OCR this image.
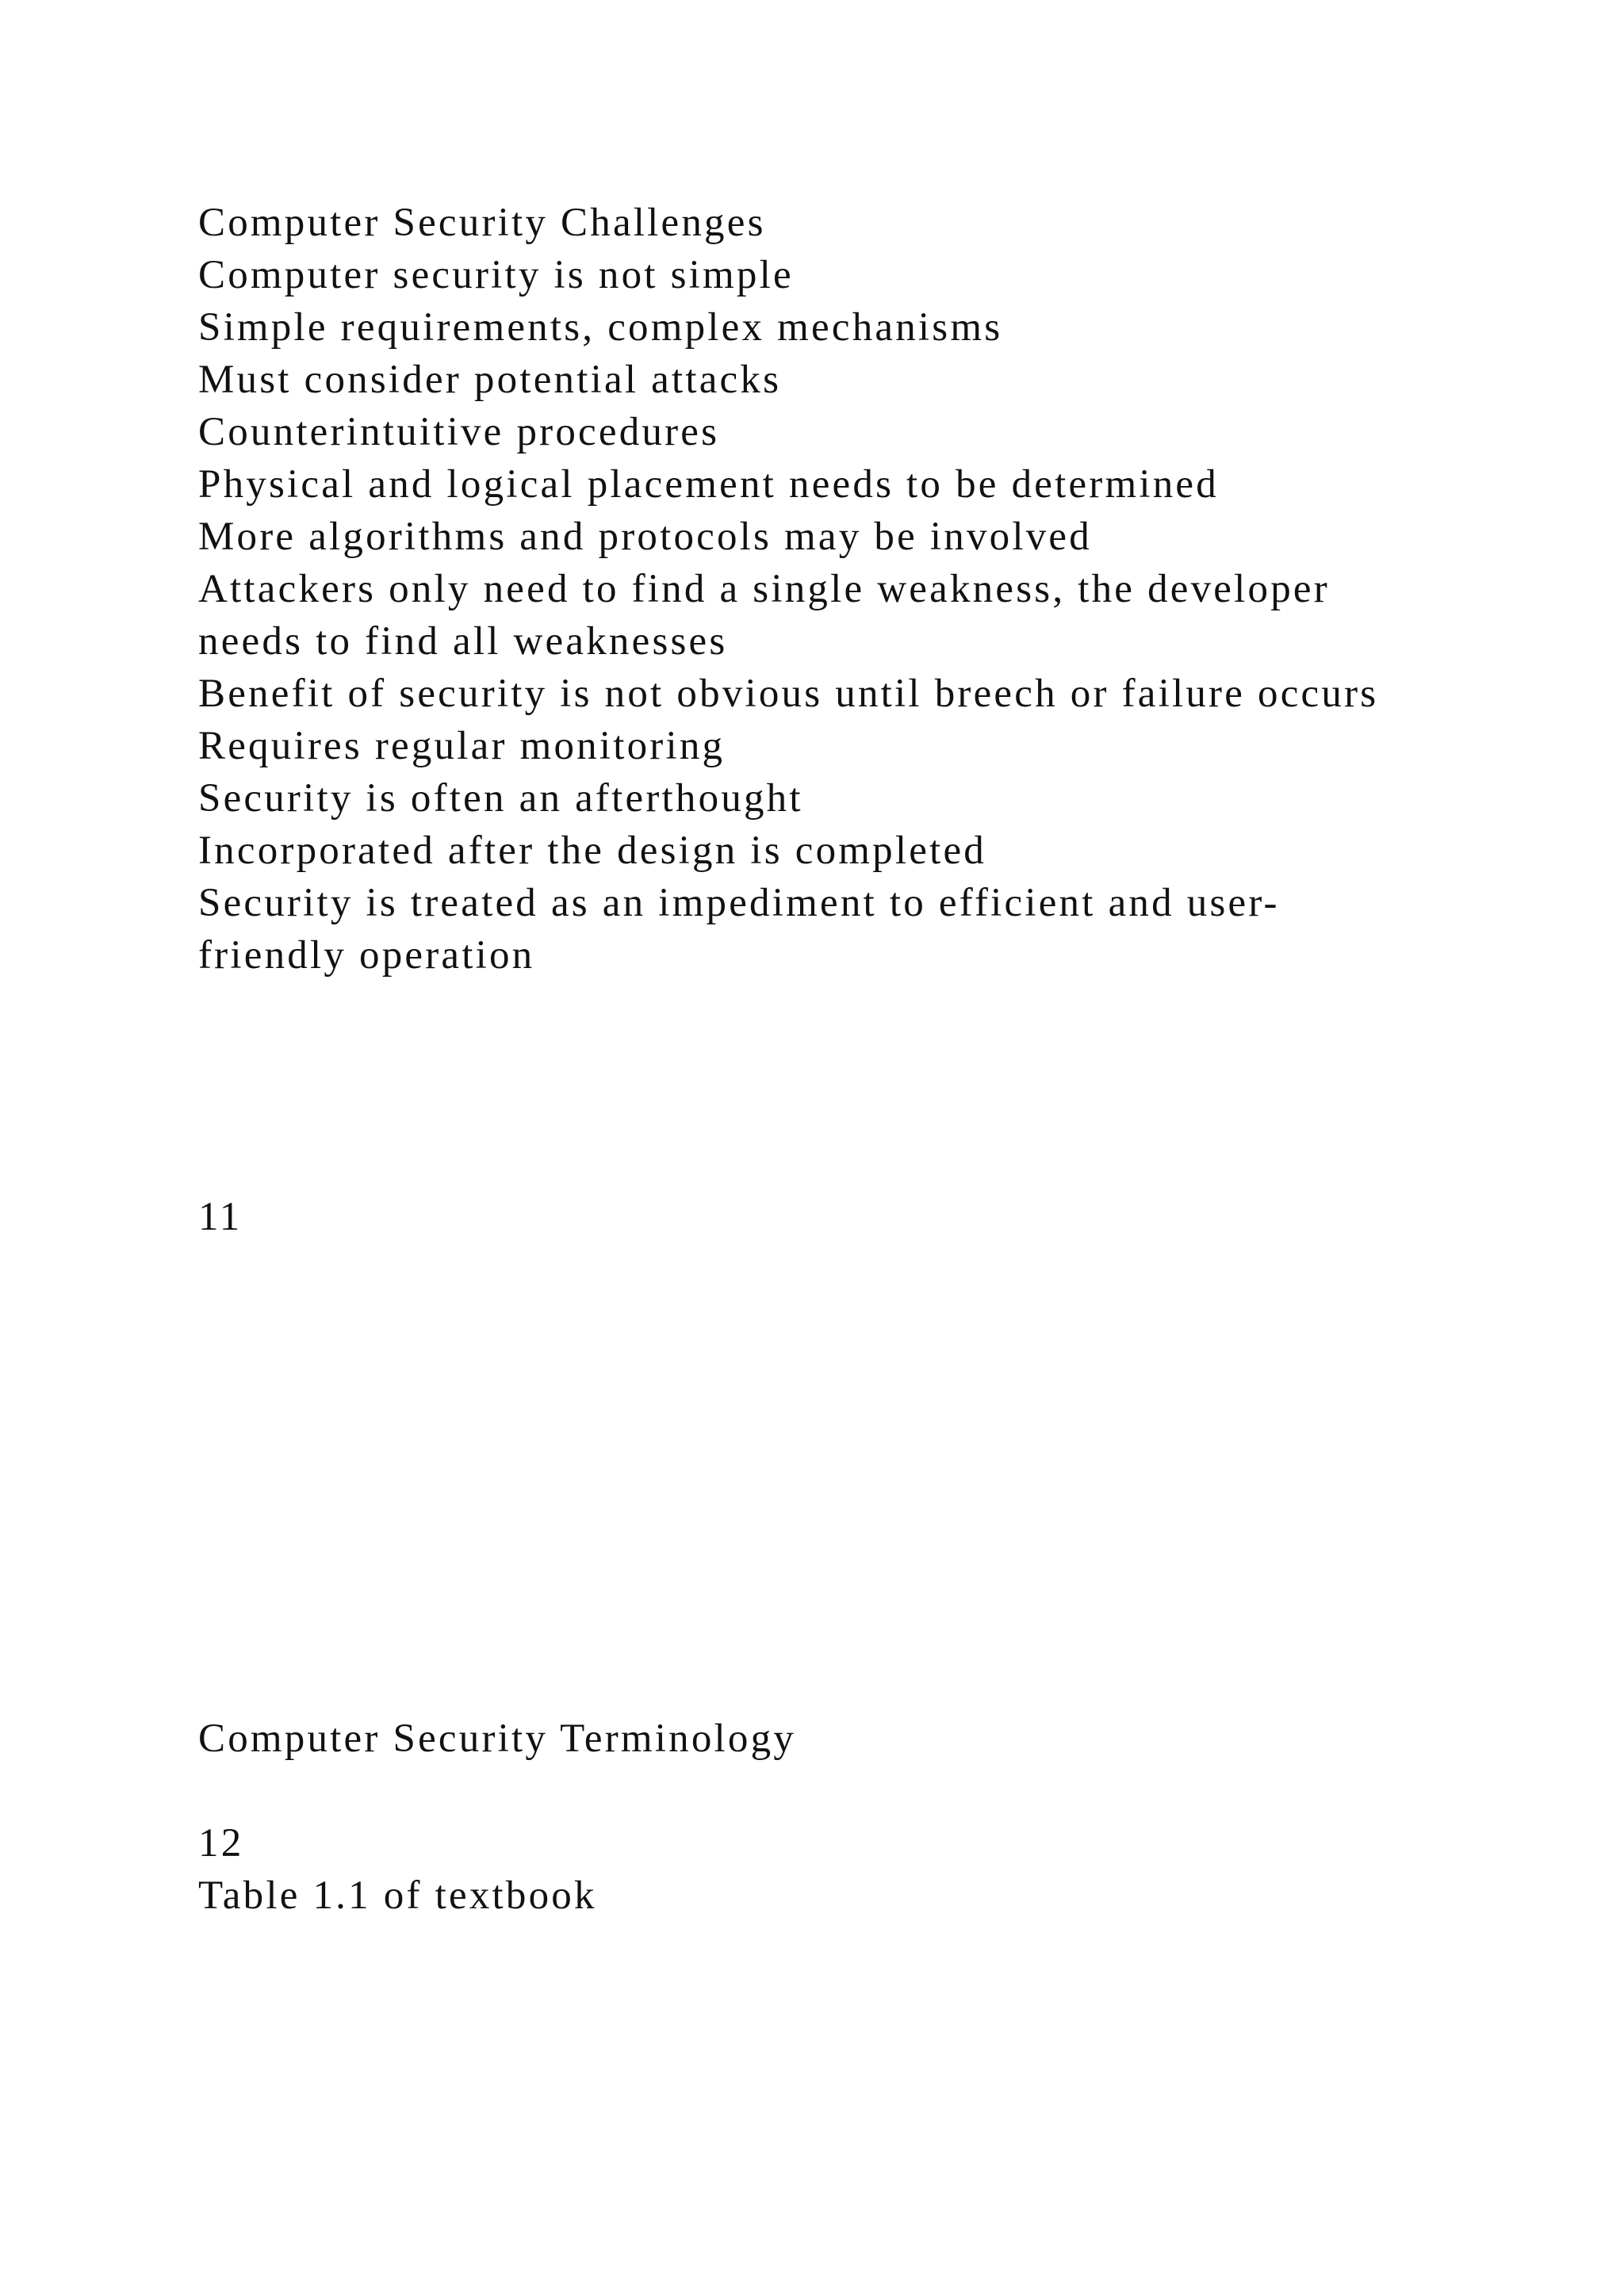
Computer Security Challenges

Computer security is not simple

Simple requirements, complex mechanisms

Must consider potential attacks

Counterintuitive procedures

Physical and logical placement needs to be determined

More algorithms and protocols may be involved

Attackers only need to find a single weakness, the developer

needs to find all weaknesses

Benefit of security is not obvious until breech or failure occurs

Requires regular monitoring

Security is often an afterthought

Incorporated after the design is completed

Security is treated as an impediment to efficient and user-

friendly operation

11

Computer Security Terminology

12

Table 1.1 of textbook
